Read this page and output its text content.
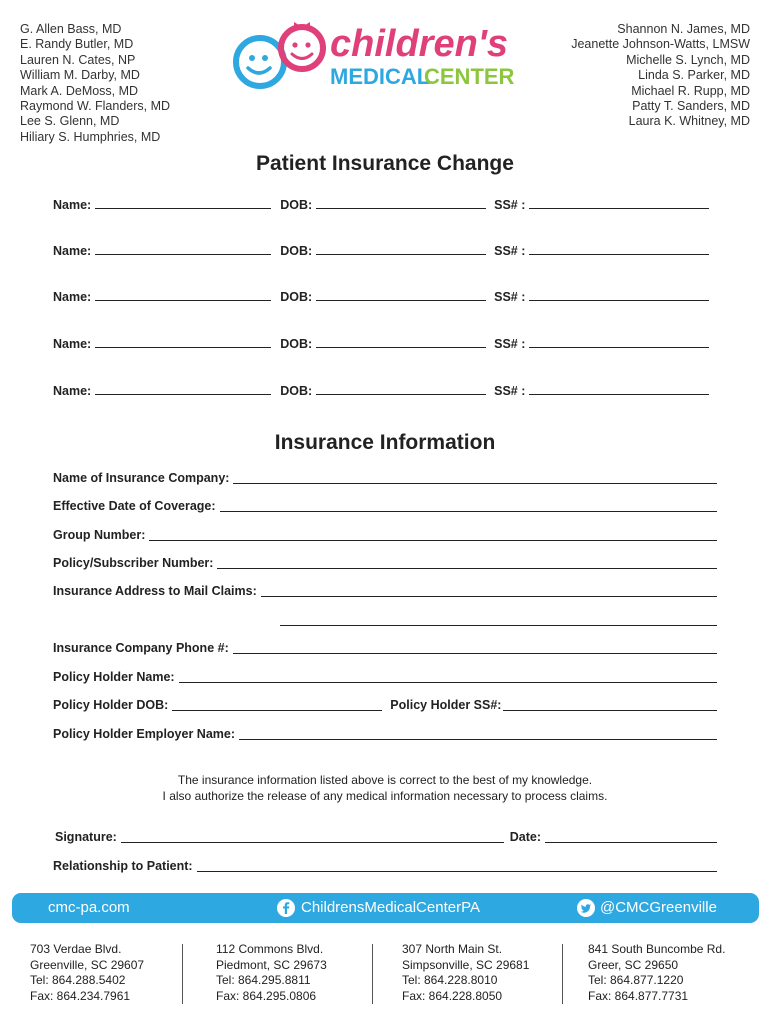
G. Allen Bass, MD
E. Randy Butler, MD
Lauren N. Cates, NP
William M. Darby, MD
Mark A. DeMoss, MD
Raymond W. Flanders, MD
Lee S. Glenn, MD
Hiliary S. Humphries, MD
Shannon N. James, MD
Jeanette Johnson-Watts, LMSW
Michelle S. Lynch, MD
Linda S. Parker, MD
Michael R. Rupp, MD
Patty T. Sanders, MD
Laura K. Whitney, MD
children's
MEDICAL
CENTER
Patient Insurance Change
Name:	DOB:	SS# :
Name:	DOB:	SS# :
Name:	DOB:	SS# :
Name:	DOB:	SS# :
Name:	DOB:	SS# :
Insurance Information
Name of Insurance Company:
Effective Date of Coverage:
Group Number:
Policy/Subscriber Number:
Insurance Address to Mail Claims:
Insurance Company Phone #:
Policy Holder Name:
Policy Holder DOB:	Policy Holder SS#:
Policy Holder Employer Name:
The insurance information listed above is correct to the best of my knowledge.
I also authorize the release of any medical information necessary to process claims.
Signature:	Date:
Relationship to Patient:
cmc-pa.com	ChildrensMedicalCenterPA	@CMCGreenville
703 Verdae Blvd.
Greenville, SC 29607
Tel: 864.288.5402
Fax: 864.234.7961
112 Commons Blvd.
Piedmont, SC 29673
Tel: 864.295.8811
Fax: 864.295.0806
307 North Main St.
Simpsonville, SC 29681
Tel: 864.228.8010
Fax: 864.228.8050
841 South Buncombe Rd.
Greer, SC 29650
Tel: 864.877.1220
Fax: 864.877.7731
